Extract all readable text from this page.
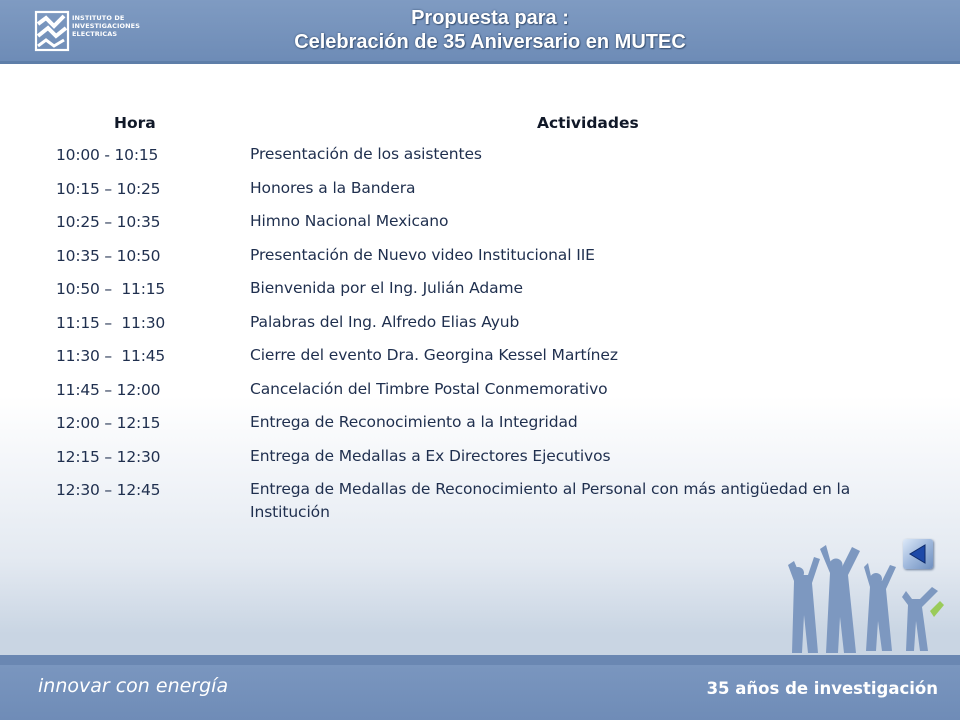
INSTITUTO DE
INVESTIGACIONES
ELECTRICAS
Propuesta para :
Celebración de 35 Aniversario en MUTEC
Hora	Actividades
10:00 - 10:15	Presentación de los asistentes
10:15 – 10:25	Honores a la Bandera
10:25 – 10:35	Himno Nacional Mexicano
10:35 – 10:50	Presentación de Nuevo video Institucional IIE
10:50 –  11:15	Bienvenida por el Ing. Julián Adame
11:15 –  11:30	Palabras del Ing. Alfredo Elias Ayub
11:30 –  11:45	Cierre del evento Dra. Georgina Kessel Martínez
11:45 – 12:00	Cancelación del Timbre Postal Conmemorativo
12:00 – 12:15	Entrega de Reconocimiento a la Integridad
12:15 – 12:30	Entrega de Medallas a Ex Directores Ejecutivos
12:30 – 12:45	Entrega de Medallas de Reconocimiento al Personal con más antigüedad en la Institución
innovar con energía	35 años de investigación
